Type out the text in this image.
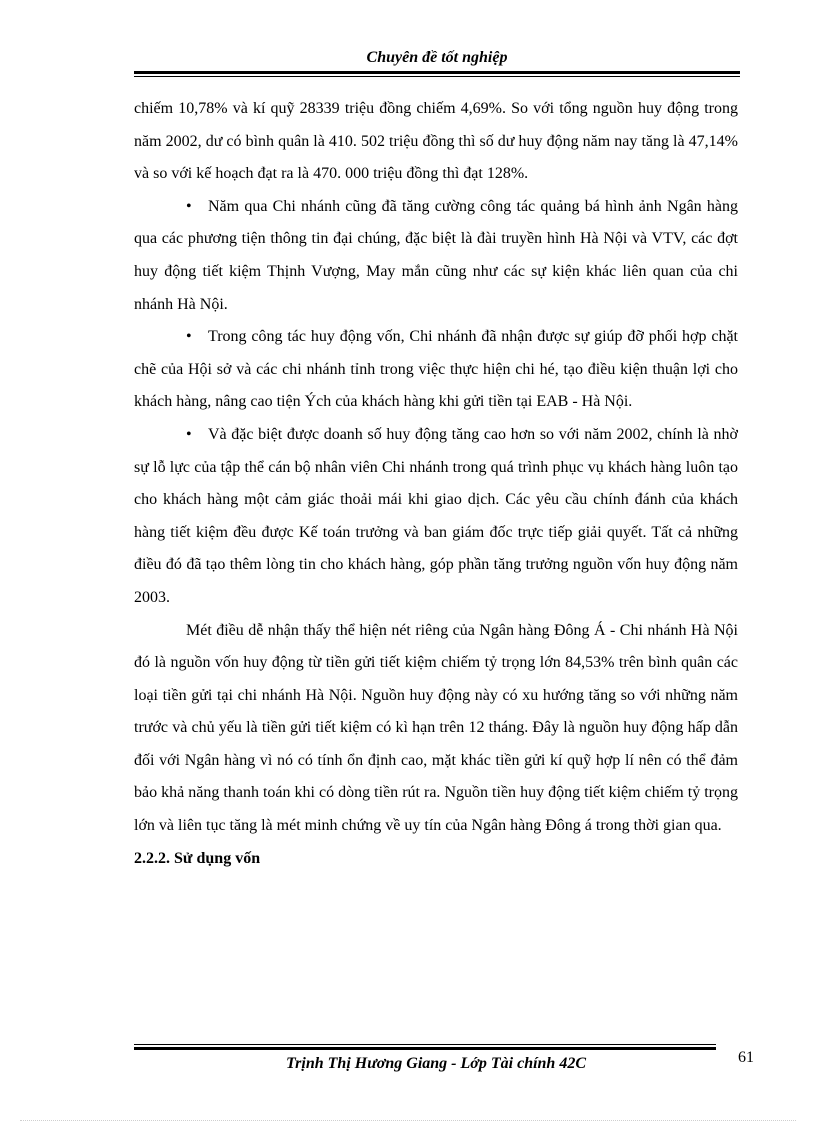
Chuyên đề tốt nghiệp

chiếm 10,78% và kí quỹ 28339 triệu đồng chiếm 4,69%. So với tổng nguồn huy động trong năm 2002, dư có bình quân là 410. 502 triệu đồng thì số dư huy động năm nay tăng là 47,14% và so với kế hoạch đạt ra là 470. 000 triệu đồng thì đạt 128%.

• Năm qua Chi nhánh cũng đã tăng cường công tác quảng bá hình ảnh Ngân hàng qua các phương tiện thông tin đại chúng, đặc biệt là đài truyền hình Hà Nội và VTV, các đợt huy động tiết kiệm Thịnh Vượng, May mắn cũng như các sự kiện khác liên quan của chi nhánh Hà Nội.

• Trong công tác huy động vốn, Chi nhánh đã nhận được sự giúp đỡ phối hợp chặt chẽ của Hội sở và các chi nhánh tỉnh trong việc thực hiện chi hé, tạo điều kiện thuận lợi cho khách hàng, nâng cao tiện Ých của khách hàng khi gửi tiền tại EAB - Hà Nội.

• Và đặc biệt được doanh số huy động tăng cao hơn so với năm 2002, chính là nhờ sự lỗ lực của tập thể cán bộ nhân viên Chi nhánh trong quá trình phục vụ khách hàng luôn tạo cho khách hàng một cảm giác thoải mái khi giao dịch. Các yêu cầu chính đánh của khách hàng tiết kiệm đều được Kế toán trưởng và ban giám đốc trực tiếp giải quyết. Tất cả những điều đó đã tạo thêm lòng tin cho khách hàng, góp phần tăng trưởng nguồn vốn huy động năm 2003.

Mét điều dễ nhận thấy thể hiện nét riêng của Ngân hàng Đông Á - Chi nhánh Hà Nội đó là nguồn vốn huy động từ tiền gửi tiết kiệm chiếm tỷ trọng lớn 84,53% trên bình quân các loại tiền gửi tại chi nhánh Hà Nội. Nguồn huy động này có xu hướng tăng so với những năm trước và chủ yếu là tiền gửi tiết kiệm có kì hạn trên 12 tháng. Đây là nguồn huy động hấp dẫn đối với Ngân hàng vì nó có tính ổn định cao, mặt khác tiền gửi kí quỹ hợp lí nên có thể đảm bảo khả năng thanh toán khi có dòng tiền rút ra. Nguồn tiền huy động tiết kiệm chiếm tỷ trọng lớn và liên tục tăng là mét minh chứng về uy tín của Ngân hàng Đông á trong thời gian qua.

2.2.2. Sử dụng vốn

Trịnh Thị Hương Giang - Lớp Tài chính 42C	61
